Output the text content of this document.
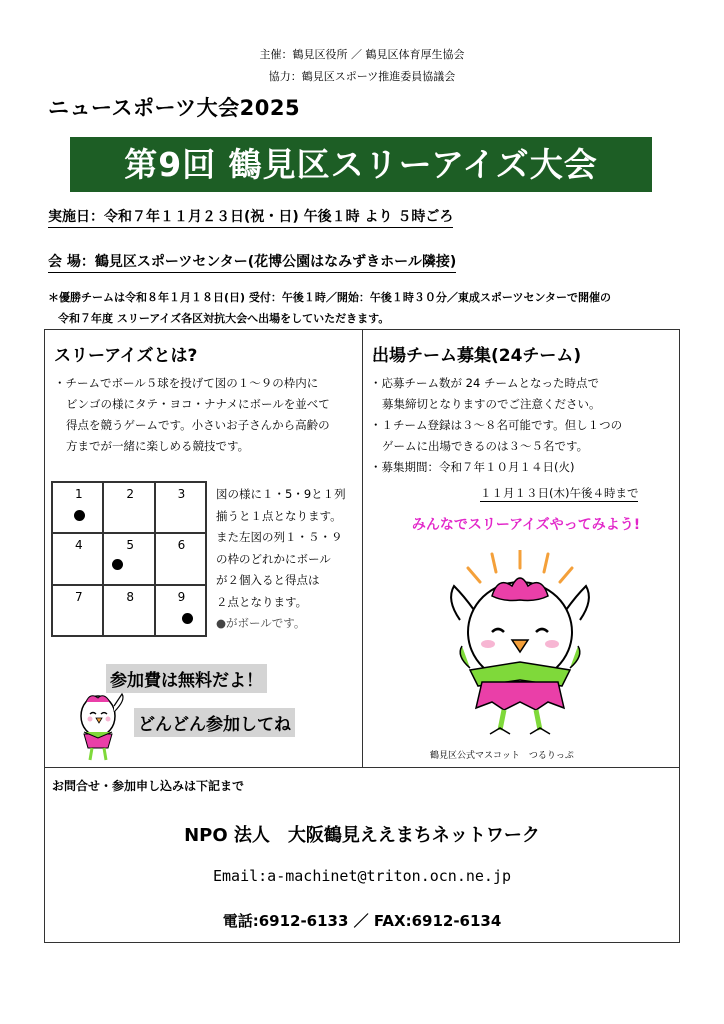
主催：鶴見区役所 ／ 鶴見区体育厚生協会
協力：鶴見区スポーツ推進委員協議会
ニュースポーツ大会2025
第9回 鶴見区スリーアイズ大会
実施日：令和７年１１月２３日(祝・日) 午後１時 より ５時ごろ
会 場：鶴見区スポーツセンター(花博公園はなみずきホール隣接)
＊優勝チームは令和８年１月１８日(日) 受付：午後１時／開始：午後１時３０分／東成スポーツセンターで開催の
令和７年度 スリーアイズ各区対抗大会へ出場をしていただきます。
スリーアイズとは?
・チームでボール５球を投げて図の１～９の枠内に
ビンゴの様にタテ・ヨコ・ナナメにボールを並べて
得点を競うゲームです。小さいお子さんから高齢の
方までが一緒に楽しめる競技です。
1	2	3
4	5	6
7	8	9
図の様に１・5・9と１列
揃うと１点となります。
また左図の列１・５・９
の枠のどれかにボール
が２個入ると得点は
２点となります。
●がボールです。
参加費は無料だよ！
どんどん参加してね
出場チーム募集(24チーム)
・応募チーム数が 24 チームとなった時点で
募集締切となりますのでご注意ください。
・１チーム登録は３～８名可能です。但し１つの
ゲームに出場できるのは３～５名です。
・募集期間：令和７年１０月１４日(火)
１１月１３日(木)午後４時まで
みんなでスリーアイズやってみよう!
鶴見区公式マスコット　つるりっぷ
お問合せ・参加申し込みは下記まで
NPO 法人　大阪鶴見ええまちネットワーク
Email:a-machinet@triton.ocn.ne.jp
電話:6912-6133 ／ FAX:6912-6134
